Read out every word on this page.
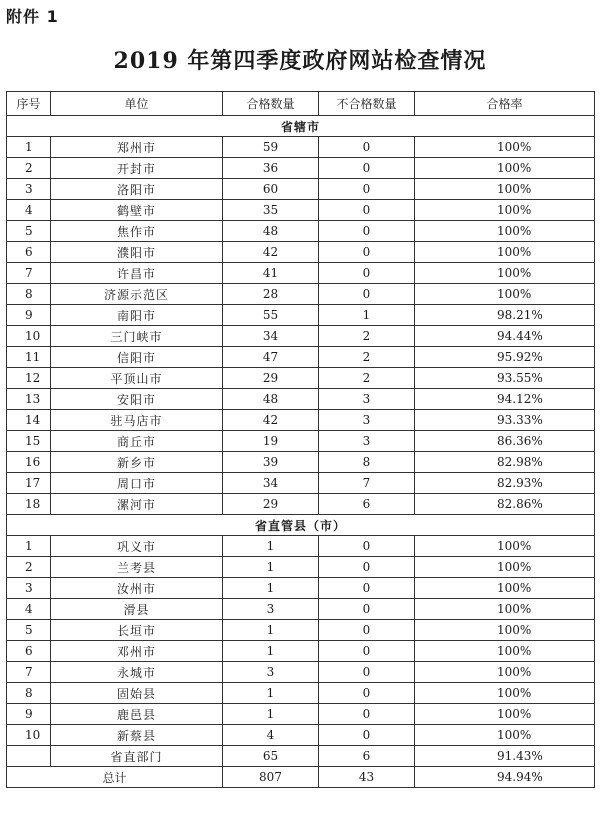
附件 1
2019 年第四季度政府网站检查情况
序号	单位	合格数量	不合格数量	合格率
省辖市				
1	郑州市	59	0	100%
2	开封市	36	0	100%
3	洛阳市	60	0	100%
4	鹤壁市	35	0	100%
5	焦作市	48	0	100%
6	濮阳市	42	0	100%
7	许昌市	41	0	100%
8	济源示范区	28	0	100%
9	南阳市	55	1	98.21%
10	三门峡市	34	2	94.44%
11	信阳市	47	2	95.92%
12	平顶山市	29	2	93.55%
13	安阳市	48	3	94.12%
14	驻马店市	42	3	93.33%
15	商丘市	19	3	86.36%
16	新乡市	39	8	82.98%
17	周口市	34	7	82.93%
18	漯河市	29	6	82.86%
省直管县（市）				
1	巩义市	1	0	100%
2	兰考县	1	0	100%
3	汝州市	1	0	100%
4	滑县	3	0	100%
5	长垣市	1	0	100%
6	邓州市	1	0	100%
7	永城市	3	0	100%
8	固始县	1	0	100%
9	鹿邑县	1	0	100%
10	新蔡县	4	0	100%
	省直部门	65	6	91.43%
总计		807	43	94.94%
